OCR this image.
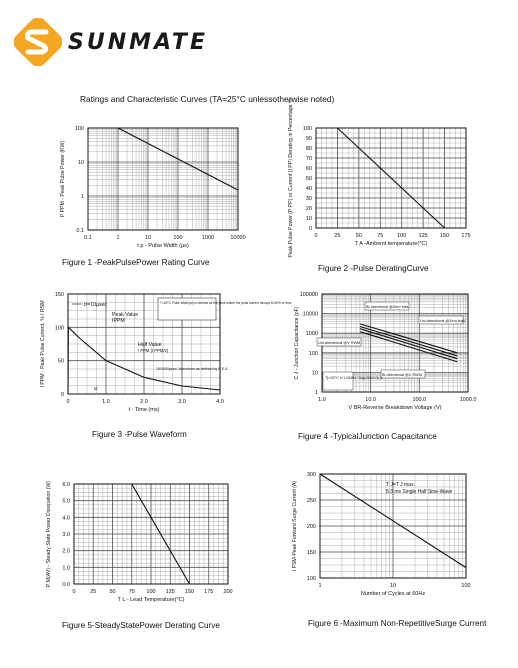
SUNMATE
Ratings and Characteristic Curves (TA=25°C unlessotherwise noted)
0.1	1	10	100	1000	10000
0.1
1
10
100
t p - Pulse Width (µs)
P PPM - Peak Pulse Power (KW)
Figure 1 -PeakPulsePower Rating Curve
0	25	50	75	100 125 150 175
0
10
20
30
40
50
60
70
80
90
100
T A -Ambient temperature(°C)
Peak Pulse Power (P PP) or Current (I PP) Derating in Percentage %
Figure 2 -Pulse DeratingCurve
0	1.0	2.0	3.0	4.0
0
50
100
150
t - Time (ms)
I PPM - Peak Pulse Current, % I RSM	tr=10µsec
Peak Value
IPPM
T=25°C Pulse Width(td) is defined as the point where the peak current decays to 50% of Irsm
Half Value
I PPM (I PPM/2)
10/1000µsec. Waveform as defined by R.E.A
td
Figure 3 -Pulse Waveform
1.0	10.0	100.0	1000.0
1
10
100
1000
10000
100000
V BR-Reverse Breakdown Voltage (V)
C J - Junction Capacitance (pF)	Bi-directional @Zero bias
Uni-directional @Zero bias
Uni-directional @V RWM
Bi-directional @V RWM
Tj=25°C f=1.0MHz Vsig=50mVp-p
Figure 4 -TypicalJunction Capacitance
0	25 50 75 100 125 150 175 200
0.0
1.0
2.0
3.0
4.0
5.0
6.0
T L - Lead Temperature(°C)
P M(AV) - Steady State Power Dissipation (W)
Figure 5-SteadyStatePower Derating Curve
1	10	100
100
150
200
250
300
Number of Cycles at 60Hz
I FSM-Peak Forward Surge Current (A)	T J=T J max.
8.3 ms Single Half Sine-Wave
Figure 6 -Maximum Non-RepetitiveSurge Current
